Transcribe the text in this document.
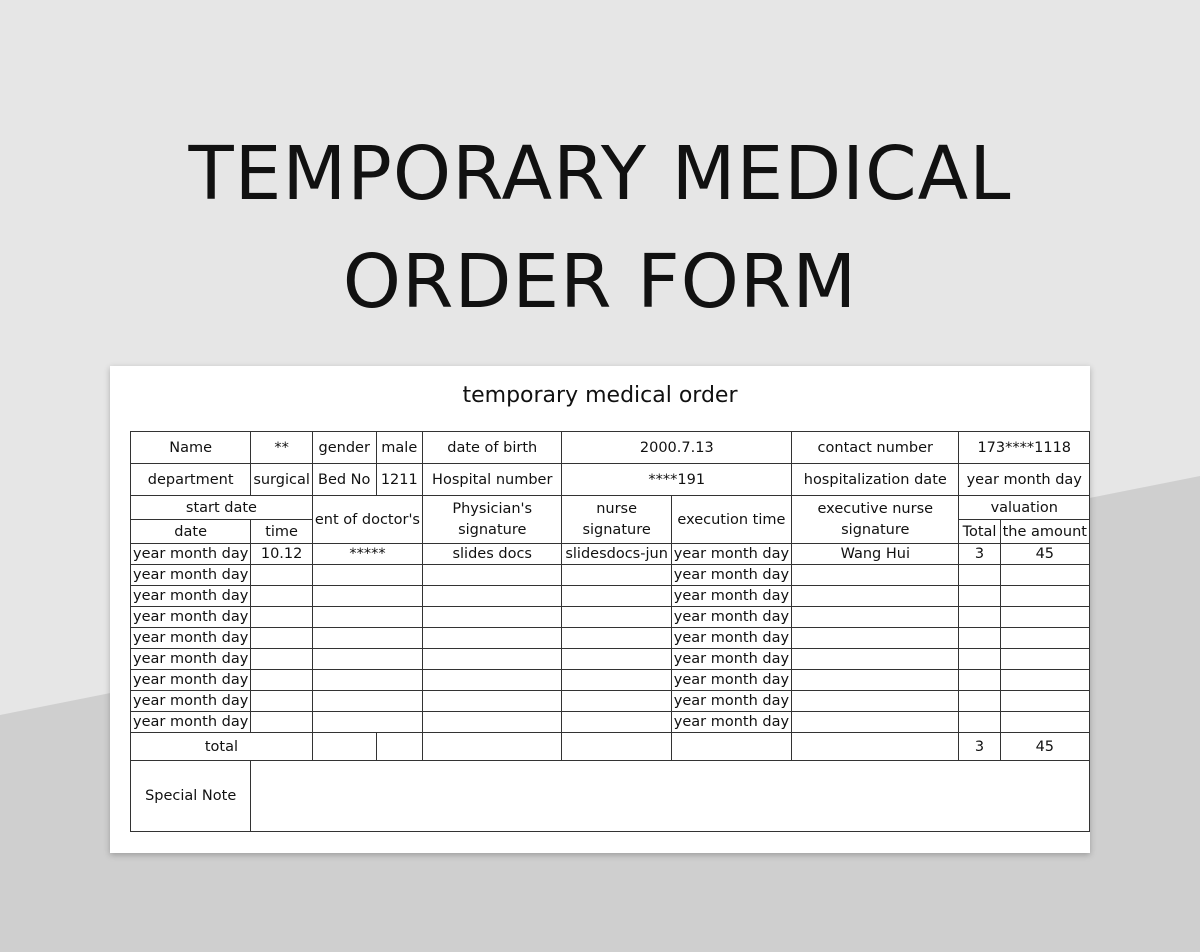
TEMPORARY MEDICAL
ORDER FORM
temporary medical order
Name	**	gender	male	date of birth	2000.7.13		contact number	173****1118	
department	surgical	Bed No	1211	Hospital number	****191		hospitalization date	year month day	
start date		ent of doctor's		Physician's signature	nurse signature	execution time	executive nurse signature	valuation	
date	time							Total	the amount
year month day	10.12	*****		slides docs	slidesdocs-jun	year month day	Wang Hui	3	45
year month day						year month day			
year month day						year month day			
year month day						year month day			
year month day						year month day			
year month day						year month day			
year month day						year month day			
year month day						year month day			
year month day						year month day			
total								3	45
Special Note									
